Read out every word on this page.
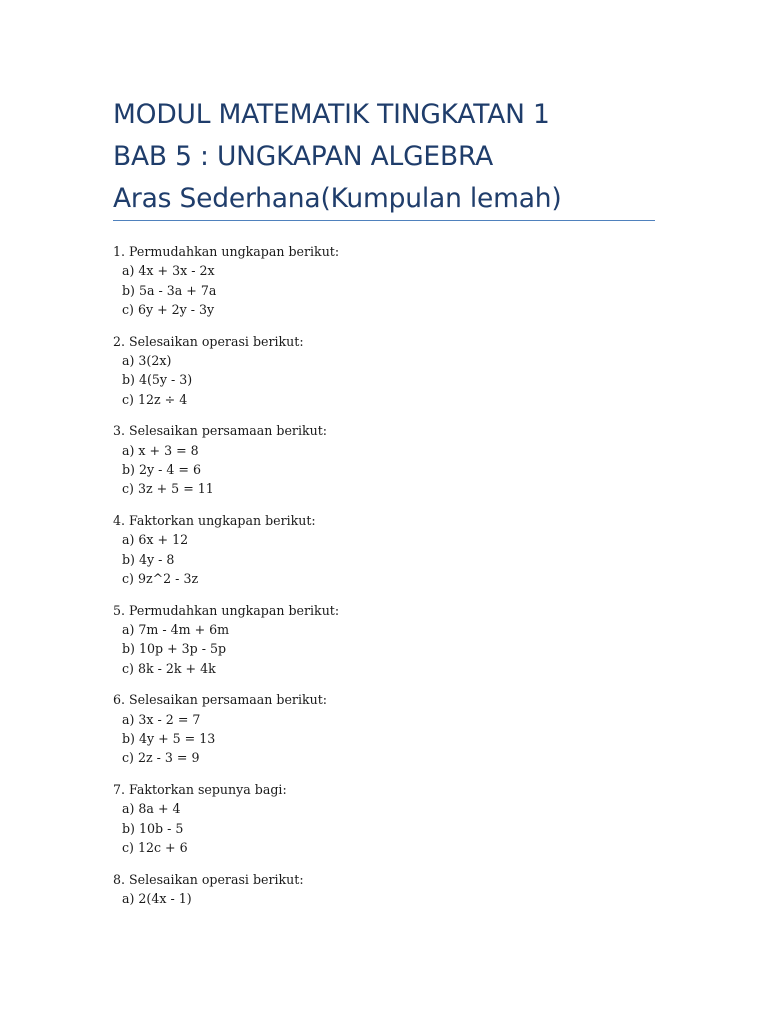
MODUL MATEMATIK TINGKATAN 1
BAB 5 : UNGKAPAN ALGEBRA
Aras Sederhana(Kumpulan lemah)
1. Permudahkan ungkapan berikut:
a) 4x + 3x - 2x
b) 5a - 3a + 7a
c) 6y + 2y - 3y
2. Selesaikan operasi berikut:
a) 3(2x)
b) 4(5y - 3)
c) 12z ÷ 4
3. Selesaikan persamaan berikut:
a) x + 3 = 8
b) 2y - 4 = 6
c) 3z + 5 = 11
4. Faktorkan ungkapan berikut:
a) 6x + 12
b) 4y - 8
c) 9z^2 - 3z
5. Permudahkan ungkapan berikut:
a) 7m - 4m + 6m
b) 10p + 3p - 5p
c) 8k - 2k + 4k
6. Selesaikan persamaan berikut:
a) 3x - 2 = 7
b) 4y + 5 = 13
c) 2z - 3 = 9
7. Faktorkan sepunya bagi:
a) 8a + 4
b) 10b - 5
c) 12c + 6
8. Selesaikan operasi berikut:
a) 2(4x - 1)
